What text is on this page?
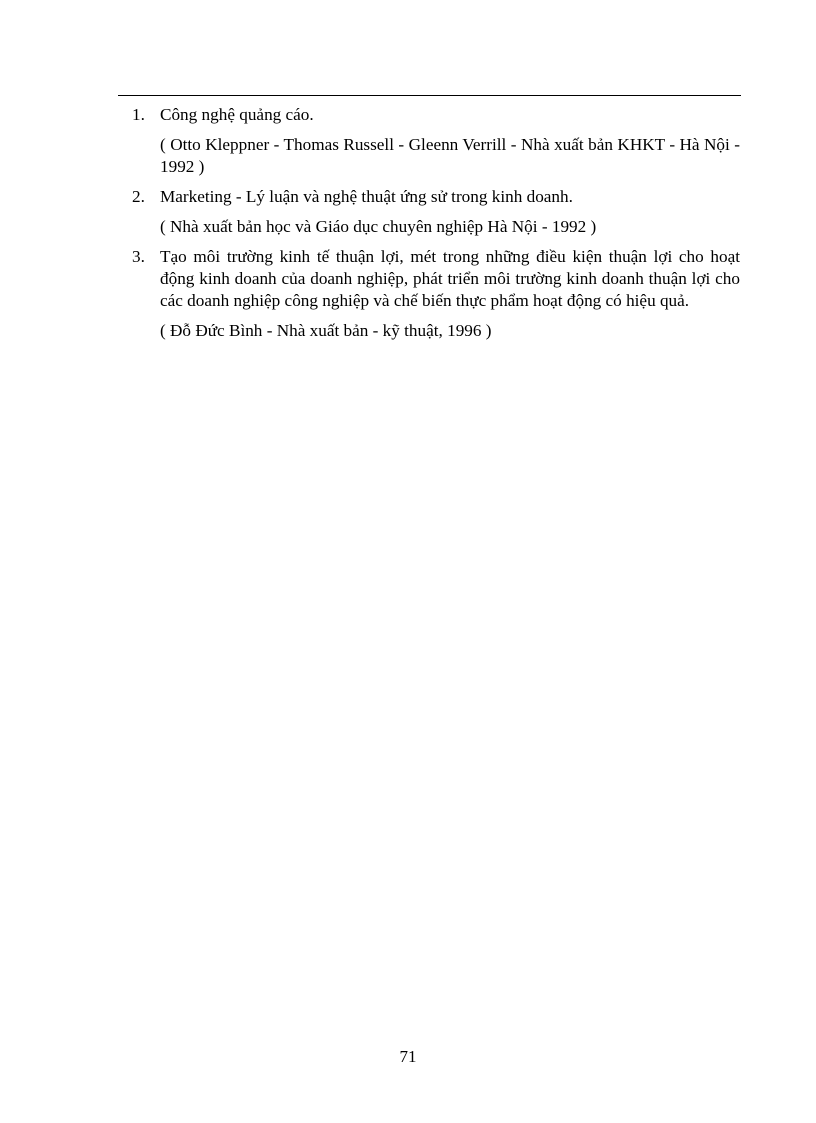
1. Công nghệ quảng cáo.

( Otto Kleppner - Thomas Russell - Gleenn Verrill - Nhà xuất bản KHKT - Hà Nội - 1992 )

2. Marketing - Lý luận và nghệ thuật ứng sử trong kinh doanh.

( Nhà xuất bản học và Giáo dục chuyên nghiệp Hà Nội - 1992 )

3. Tạo môi trường kinh tế thuận lợi, mét trong những điều kiện thuận lợi cho hoạt động kinh doanh của doanh nghiệp, phát triển môi trường kinh doanh thuận lợi cho các doanh nghiệp công nghiệp và chế biến thực phẩm hoạt động có hiệu quả.

( Đỗ Đức Bình - Nhà xuất bản - kỹ thuật, 1996 )

71
